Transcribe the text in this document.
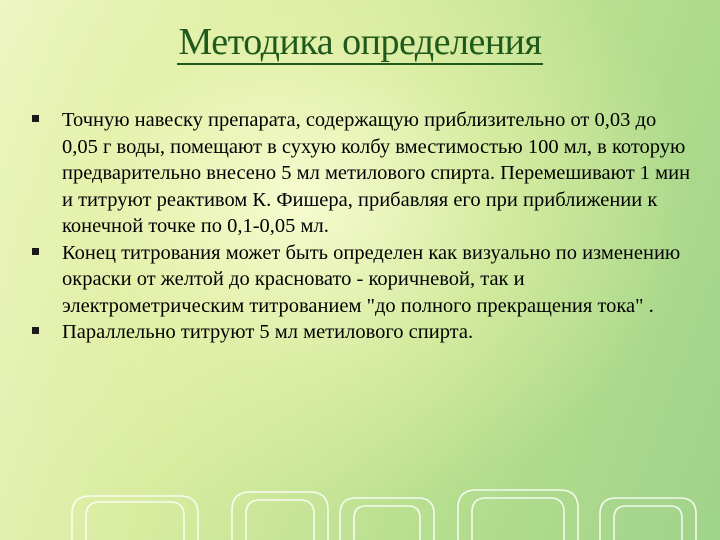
Методика определения
Точную навеску препарата, содержащую приблизительно от 0,03 до 0,05 г воды, помещают в сухую колбу вместимостью 100 мл, в которую предварительно внесено 5 мл метилового спирта. Перемешивают 1 мин и титруют реактивом К. Фишера, прибавляя его при приближении к конечной точке по 0,1-0,05 мл.
Конец титрования может быть определен как визуально по изменению окраски от желтой до красновато - коричневой, так и электрометрическим титрованием "до полного прекращения тока" .
Параллельно титруют 5 мл метилового спирта.
